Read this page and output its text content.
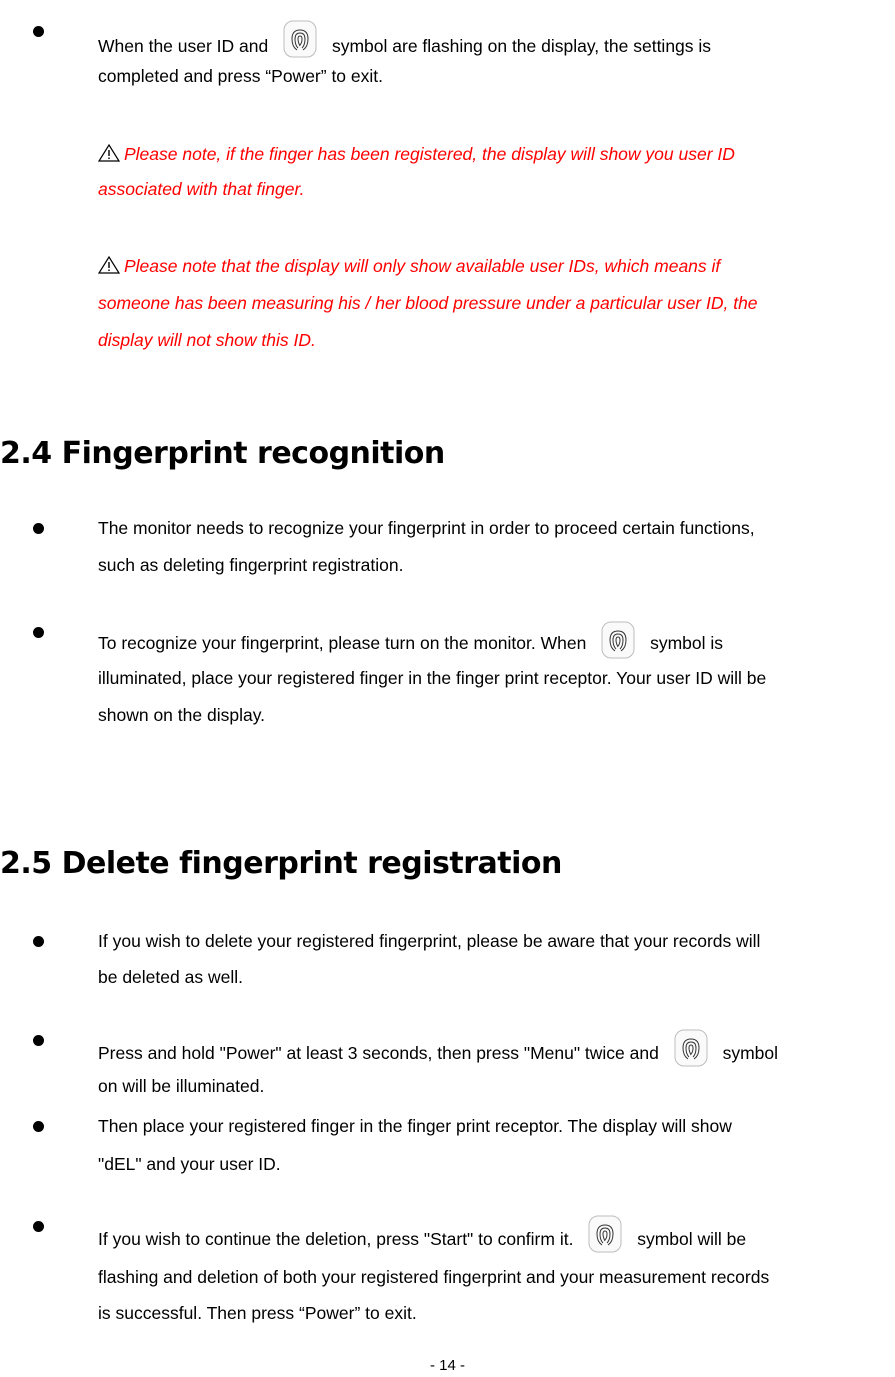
When the user ID and	symbol are flashing on the display, the settings is
completed and press “Power” to exit.
Please note, if the finger has been registered, the display will show you user ID
associated with that finger.
Please note that the display will only show available user IDs, which means if
someone has been measuring his / her blood pressure under a particular user ID, the
display will not show this ID.
2.4 Fingerprint recognition
The monitor needs to recognize your fingerprint in order to proceed certain functions,
such as deleting fingerprint registration.
To recognize your fingerprint, please turn on the monitor. When	symbol is
illuminated, place your registered finger in the finger print receptor. Your user ID will be
shown on the display.
2.5 Delete fingerprint registration
If you wish to delete your registered fingerprint, please be aware that your records will
be deleted as well.
Press and hold "Power" at least 3 seconds, then press "Menu" twice and	symbol
on will be illuminated.
Then place your registered finger in the finger print receptor. The display will show
"dEL" and your user ID.
If you wish to continue the deletion, press "Start" to confirm it.	symbol will be
flashing and deletion of both your registered fingerprint and your measurement records
is successful. Then press “Power” to exit.
- 14 -
